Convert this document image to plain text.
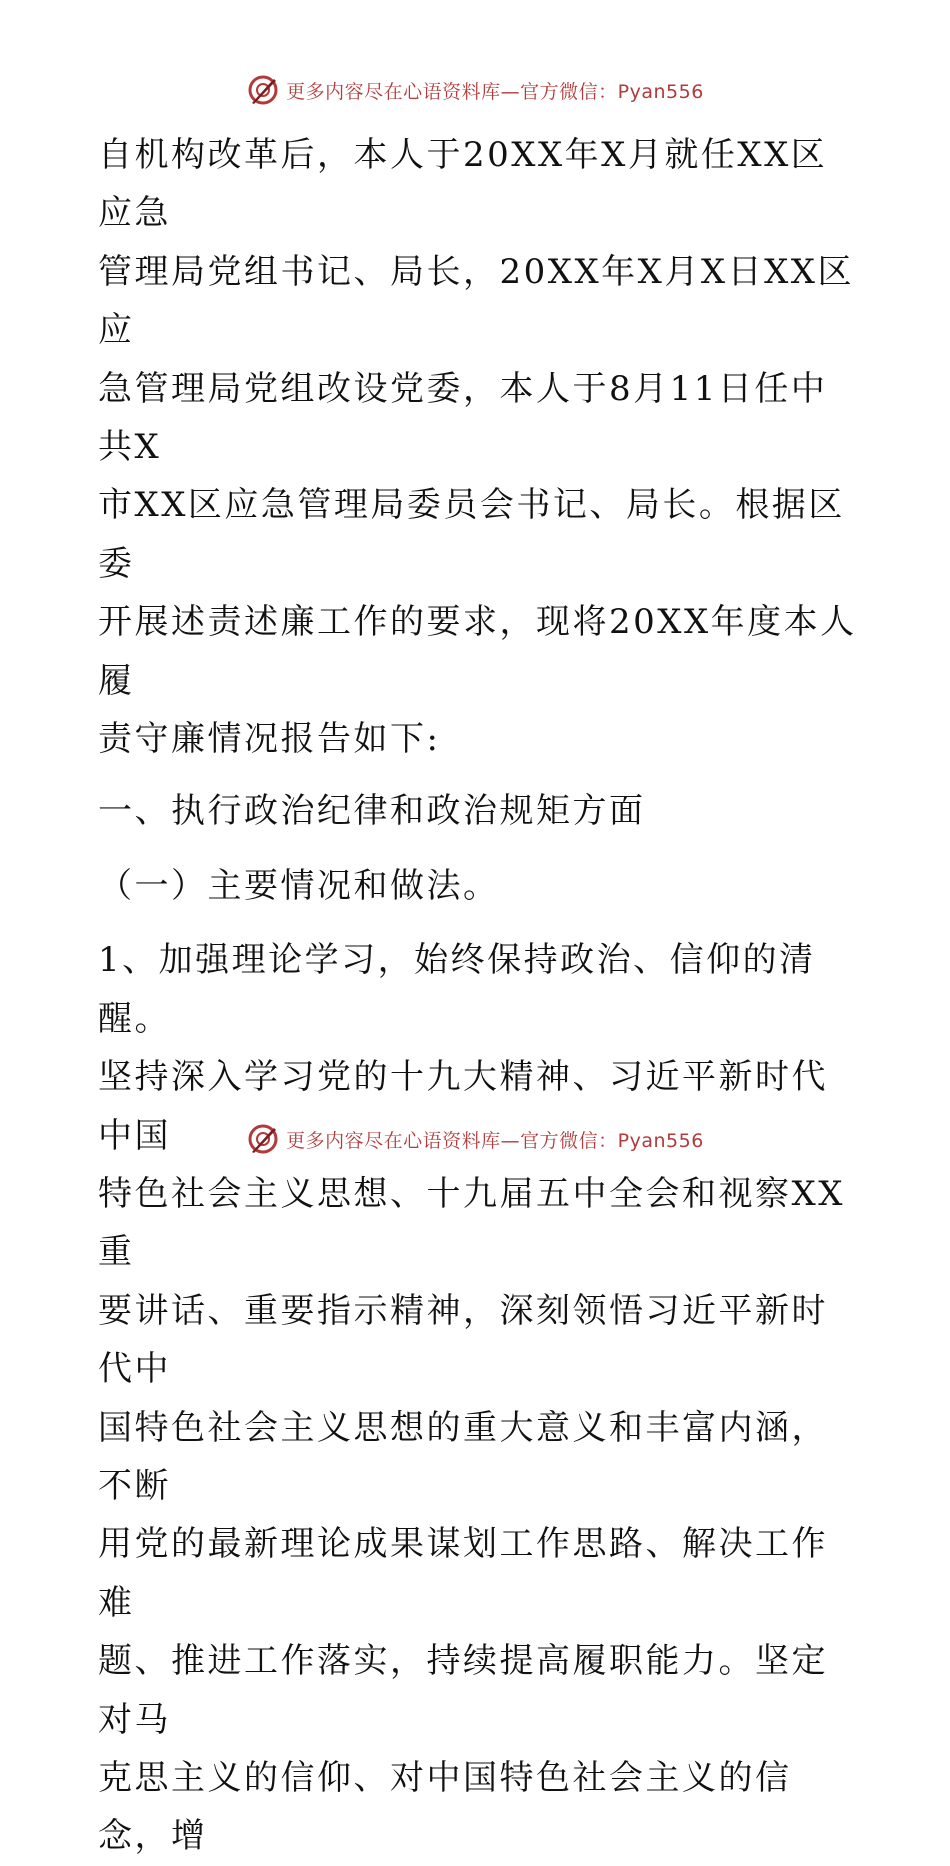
更多内容尽在心语资料库—官方微信：Pyan556

自机构改革后，本人于20XX年X月就任XX区应急
管理局党组书记、局长，20XX年X月X日XX区应
急管理局党组改设党委，本人于8月11日任中共X
市XX区应急管理局委员会书记、局长。根据区委
开展述责述廉工作的要求，现将20XX年度本人履
责守廉情况报告如下:

一、执行政治纪律和政治规矩方面

（一）主要情况和做法。

1、加强理论学习，始终保持政治、信仰的清醒。
坚持深入学习党的十九大精神、习近平新时代中国
特色社会主义思想、十九届五中全会和视察XX重
要讲话、重要指示精神，深刻领悟习近平新时代中
国特色社会主义思想的重大意义和丰富内涵，不断
用党的最新理论成果谋划工作思路、解决工作难
题、推进工作落实，持续提高履职能力。坚定对马
克思主义的信仰、对中国特色社会主义的信念，增

更多内容尽在心语资料库—官方微信：Pyan556
